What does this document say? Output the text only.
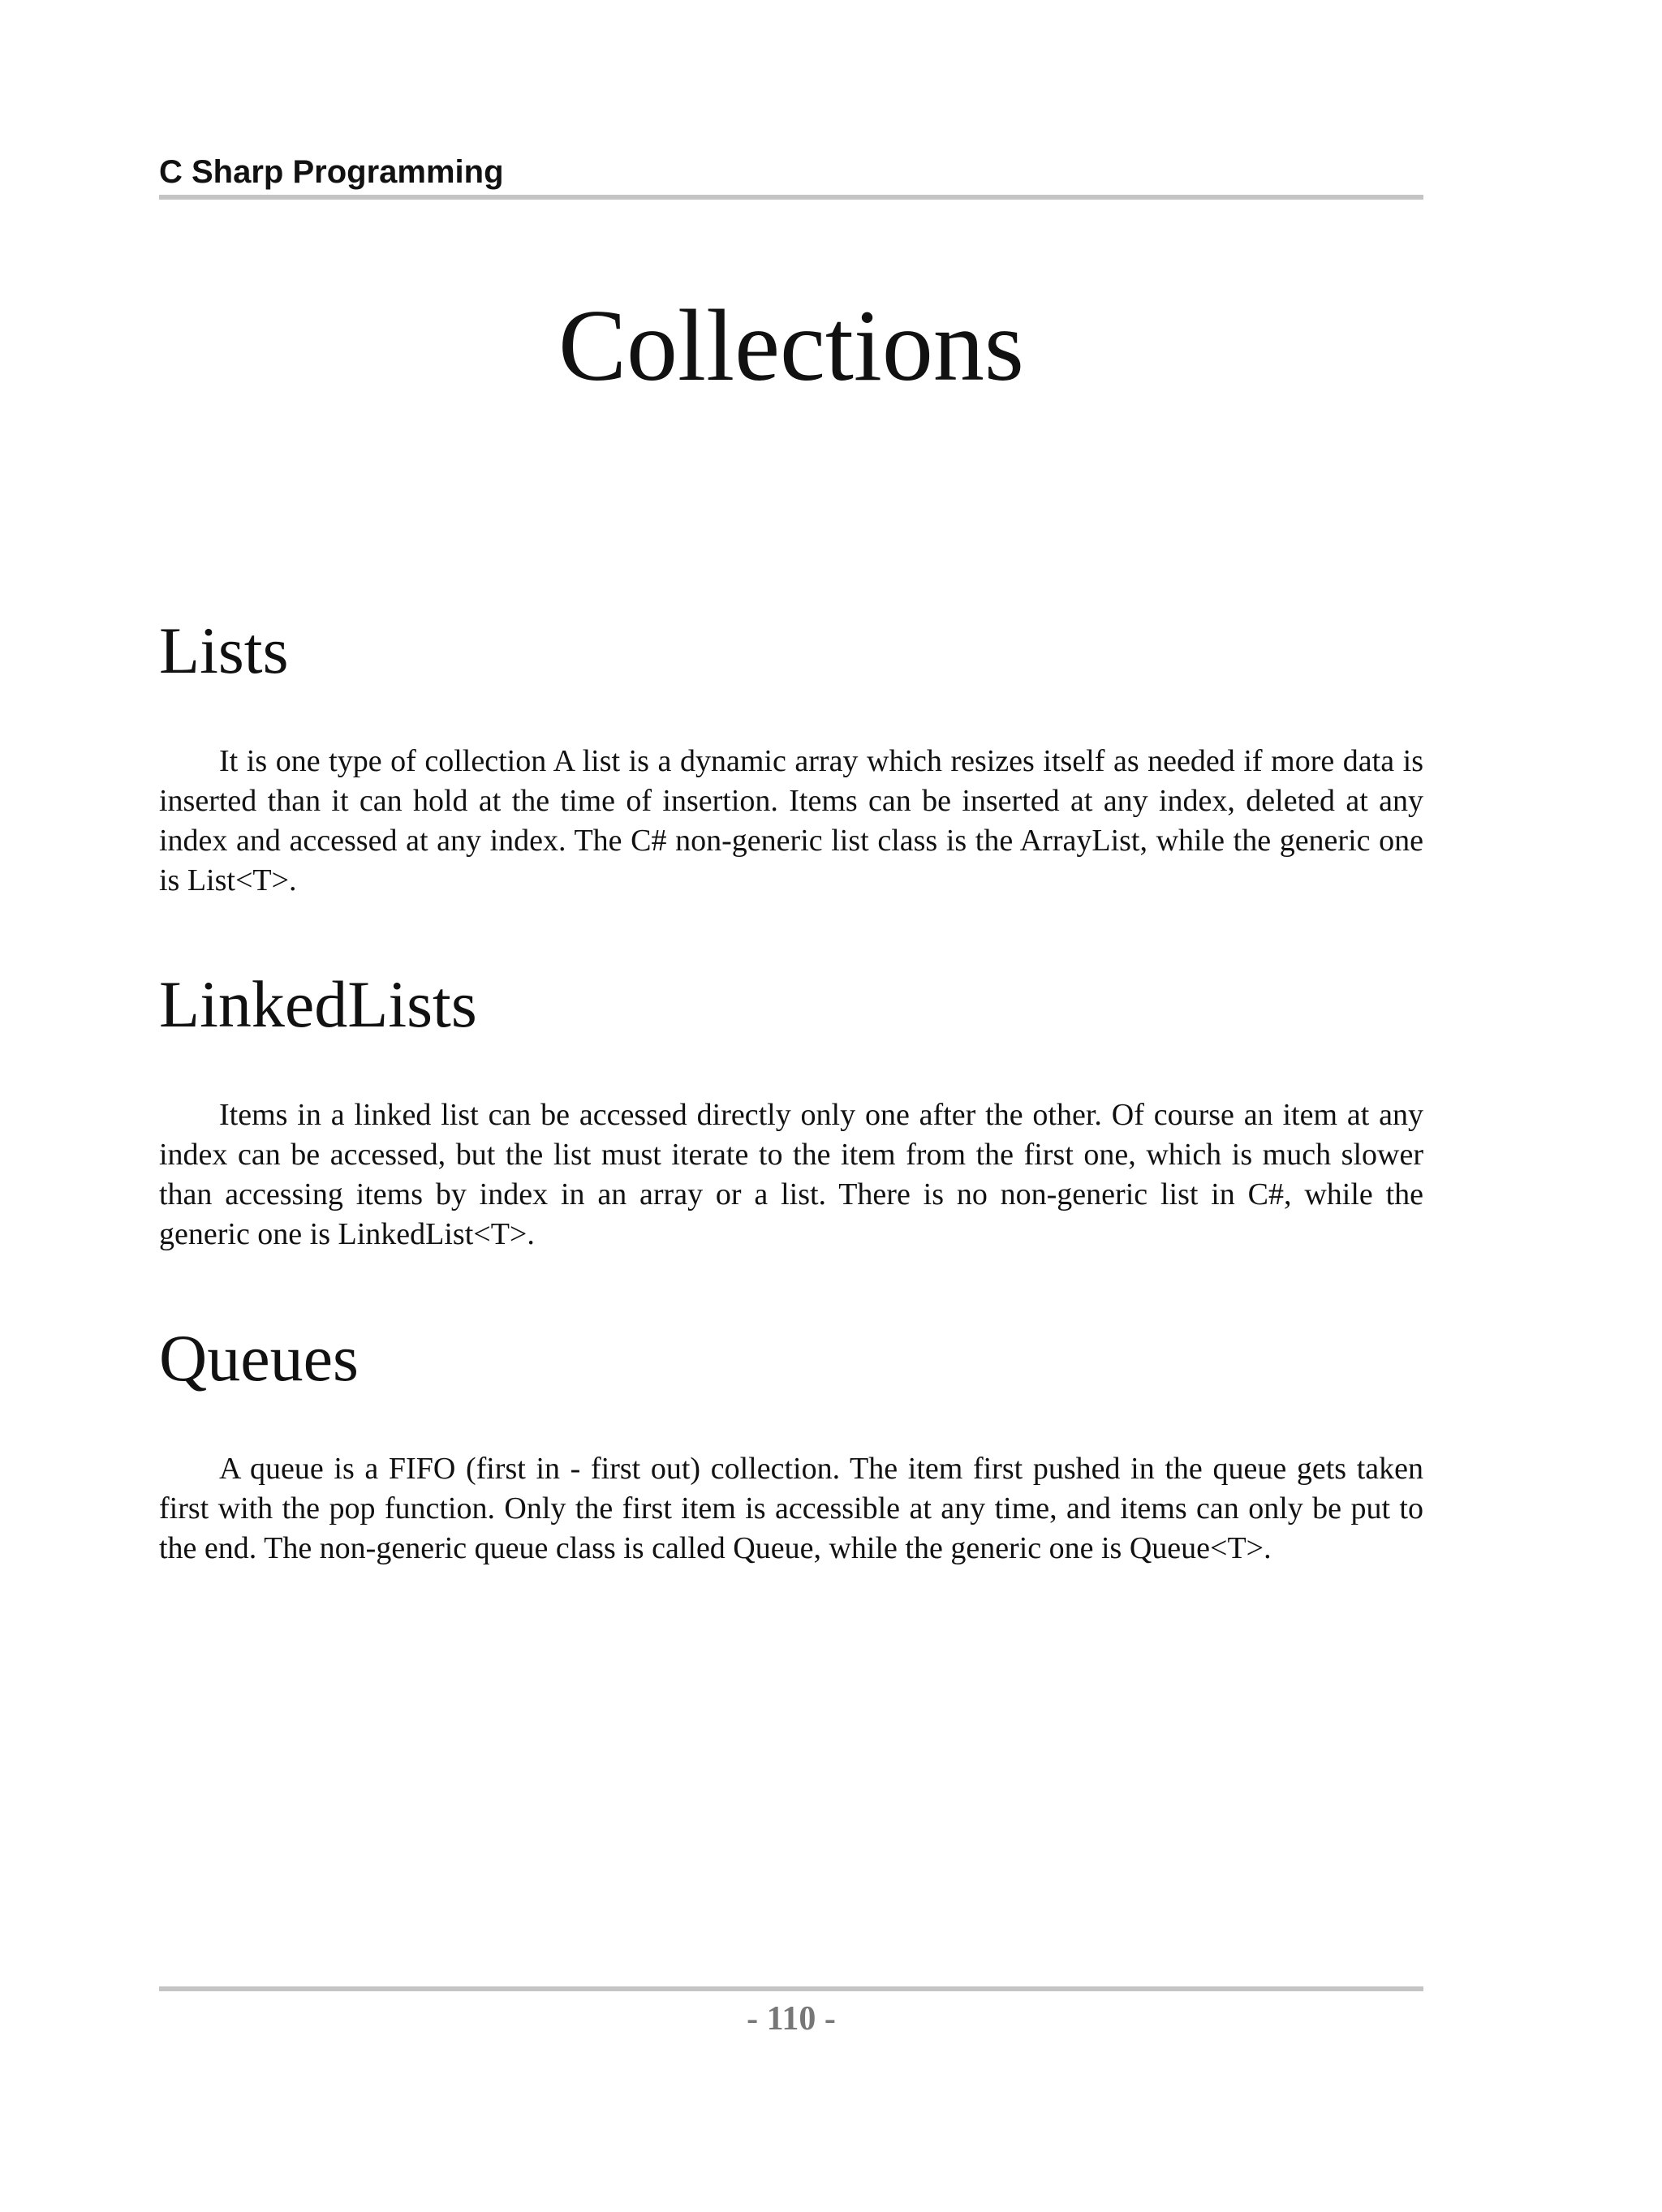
C Sharp Programming
Collections
Lists

It is one type of collection A list is a dynamic array which resizes itself as needed if more data is inserted than it can hold at the time of insertion. Items can be inserted at any index, deleted at any index and accessed at any index. The C# non-generic list class is the ArrayList, while the generic one is List<T>.

LinkedLists

Items in a linked list can be accessed directly only one after the other. Of course an item at any index can be accessed, but the list must iterate to the item from the first one, which is much slower than accessing items by index in an array or a list. There is no non-generic list in C#, while the generic one is LinkedList<T>.

Queues

A queue is a FIFO (first in - first out) collection. The item first pushed in the queue gets taken first with the pop function. Only the first item is accessible at any time, and items can only be put to the end. The non-generic queue class is called Queue, while the generic one is Queue<T>.

- 110 -
